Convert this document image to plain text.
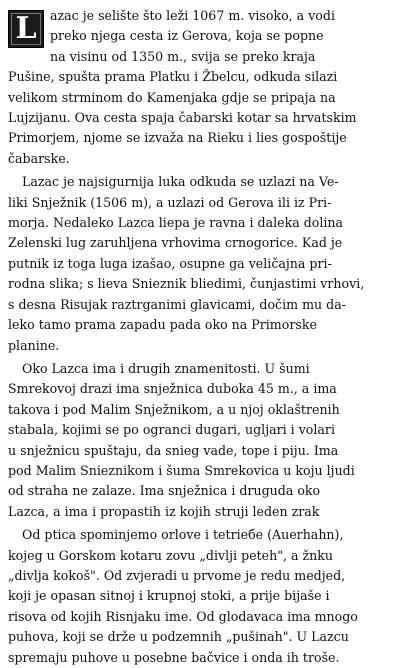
L	azac je selište što leži 1067 m. visoko, a vodi
preko njega cesta iz Gerova, koja se popne
na visinu od 1350 m., svija se preko kraja
Pušine, spušta prama Platku i Žbelcu, odkuda silazi
velikom strminom do Kamenjaka gdje se pripaja na
Lujzijanu. Ova cesta spaja čabarski kotar sa hrvatskim
Primorjem, njome se izvaža na Rieku i lies gospoštije
čabarske.

Lazac je najsigurnija luka odkuda se uzlazi na Ve-
liki Snježnik (1506 m), a uzlazi od Gerova ili iz Pri-
morja. Nedaleko Lazca liepa je ravna i daleka dolina
Zelenski lug zaruhljena vrhovima crnogorice. Kad je
putnik iz toga luga izašao, osupne ga veličajna pri-
rodna slika; s lieva Snieznik bliedimi, čunjastimi vrhovi,
s desna Risujak raztrganimi glavicami, dočim mu da-
leko tamo prama zapadu pada oko na Primorske
planine.

Oko Lazca ima i drugih znamenitosti. U šumi
Smrekovoj drazi ima snježnica duboka 45 m., a ima
takova i pod Malim Snježnikom, a u njoj oklaštrenih
stabala, kojimi se po ogranci dugari, ugljari i volari
u snježnicu spuštaju, da snieg vade, tope i piju. Ima
pod Malim Snieznikom i šuma Smrekovica u koju ljudi
od straha ne zalaze. Ima snježnica i druguda oko
Lazca, a ima i propastih iz kojih struji leden zrak

Od ptica spominjemo orlove i tetrieбe (Auerhahn),
kojeg u Gorskom kotaru zovu „divlji peteh", a žnku
„divlja kokoš". Od zvjeradi u prvome je redu medjed,
koji je opasan sitnoj i krupnoj stoki, a prije bijaše i
risova od kojih Risnjaku ime. Od glodavaca ima mnogo
puhova, koji se drže u podzemnih „pušinah". U Lazcu
spremaju puhove u posebne bačvice i onda ih troše.
